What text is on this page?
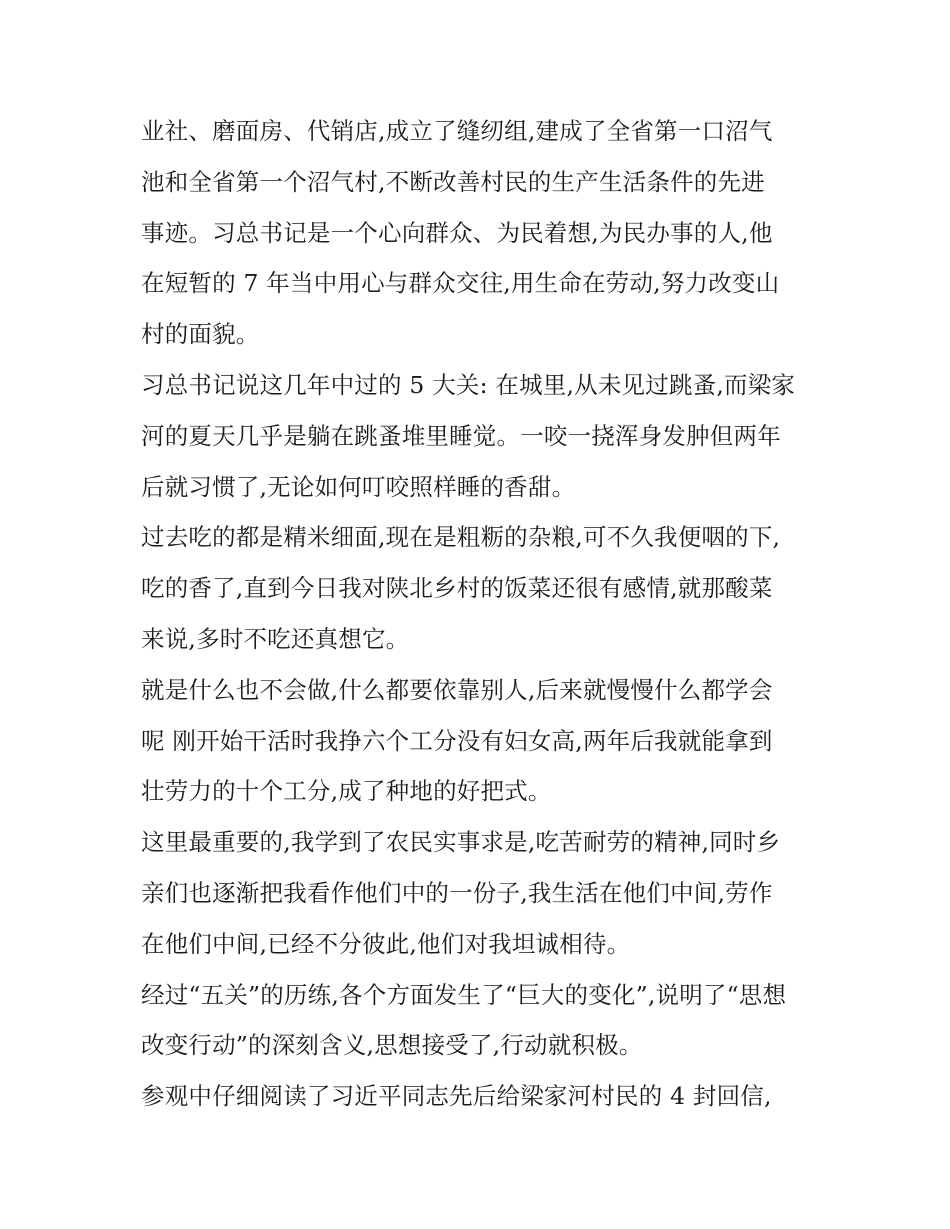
业社、磨面房、代销店,成立了缝纫组,建成了全省第一口沼气
池和全省第一个沼气村,不断改善村民的生产生活条件的先进
事迹。习总书记是一个心向群众、为民着想,为民办事的人,他
在短暂的 7 年当中用心与群众交往,用生命在劳动,努力改变山
村的面貌。
习总书记说这几年中过的 5 大关: 在城里,从未见过跳蚤,而梁家
河的夏天几乎是躺在跳蚤堆里睡觉。一咬一挠浑身发肿但两年
后就习惯了,无论如何叮咬照样睡的香甜。
过去吃的都是精米细面,现在是粗粝的杂粮,可不久我便咽的下,
吃的香了,直到今日我对陕北乡村的饭菜还很有感情,就那酸菜
来说,多时不吃还真想它。
就是什么也不会做,什么都要依靠别人,后来就慢慢什么都学会
呢 刚开始干活时我挣六个工分没有妇女高,两年后我就能拿到
壮劳力的十个工分,成了种地的好把式。
这里最重要的,我学到了农民实事求是,吃苦耐劳的精神,同时乡
亲们也逐渐把我看作他们中的一份子,我生活在他们中间,劳作
在他们中间,已经不分彼此,他们对我坦诚相待。
经过“五关”的历练,各个方面发生了“巨大的变化”,说明了“思想
改变行动”的深刻含义,思想接受了,行动就积极。
参观中仔细阅读了习近平同志先后给梁家河村民的 4 封回信,
